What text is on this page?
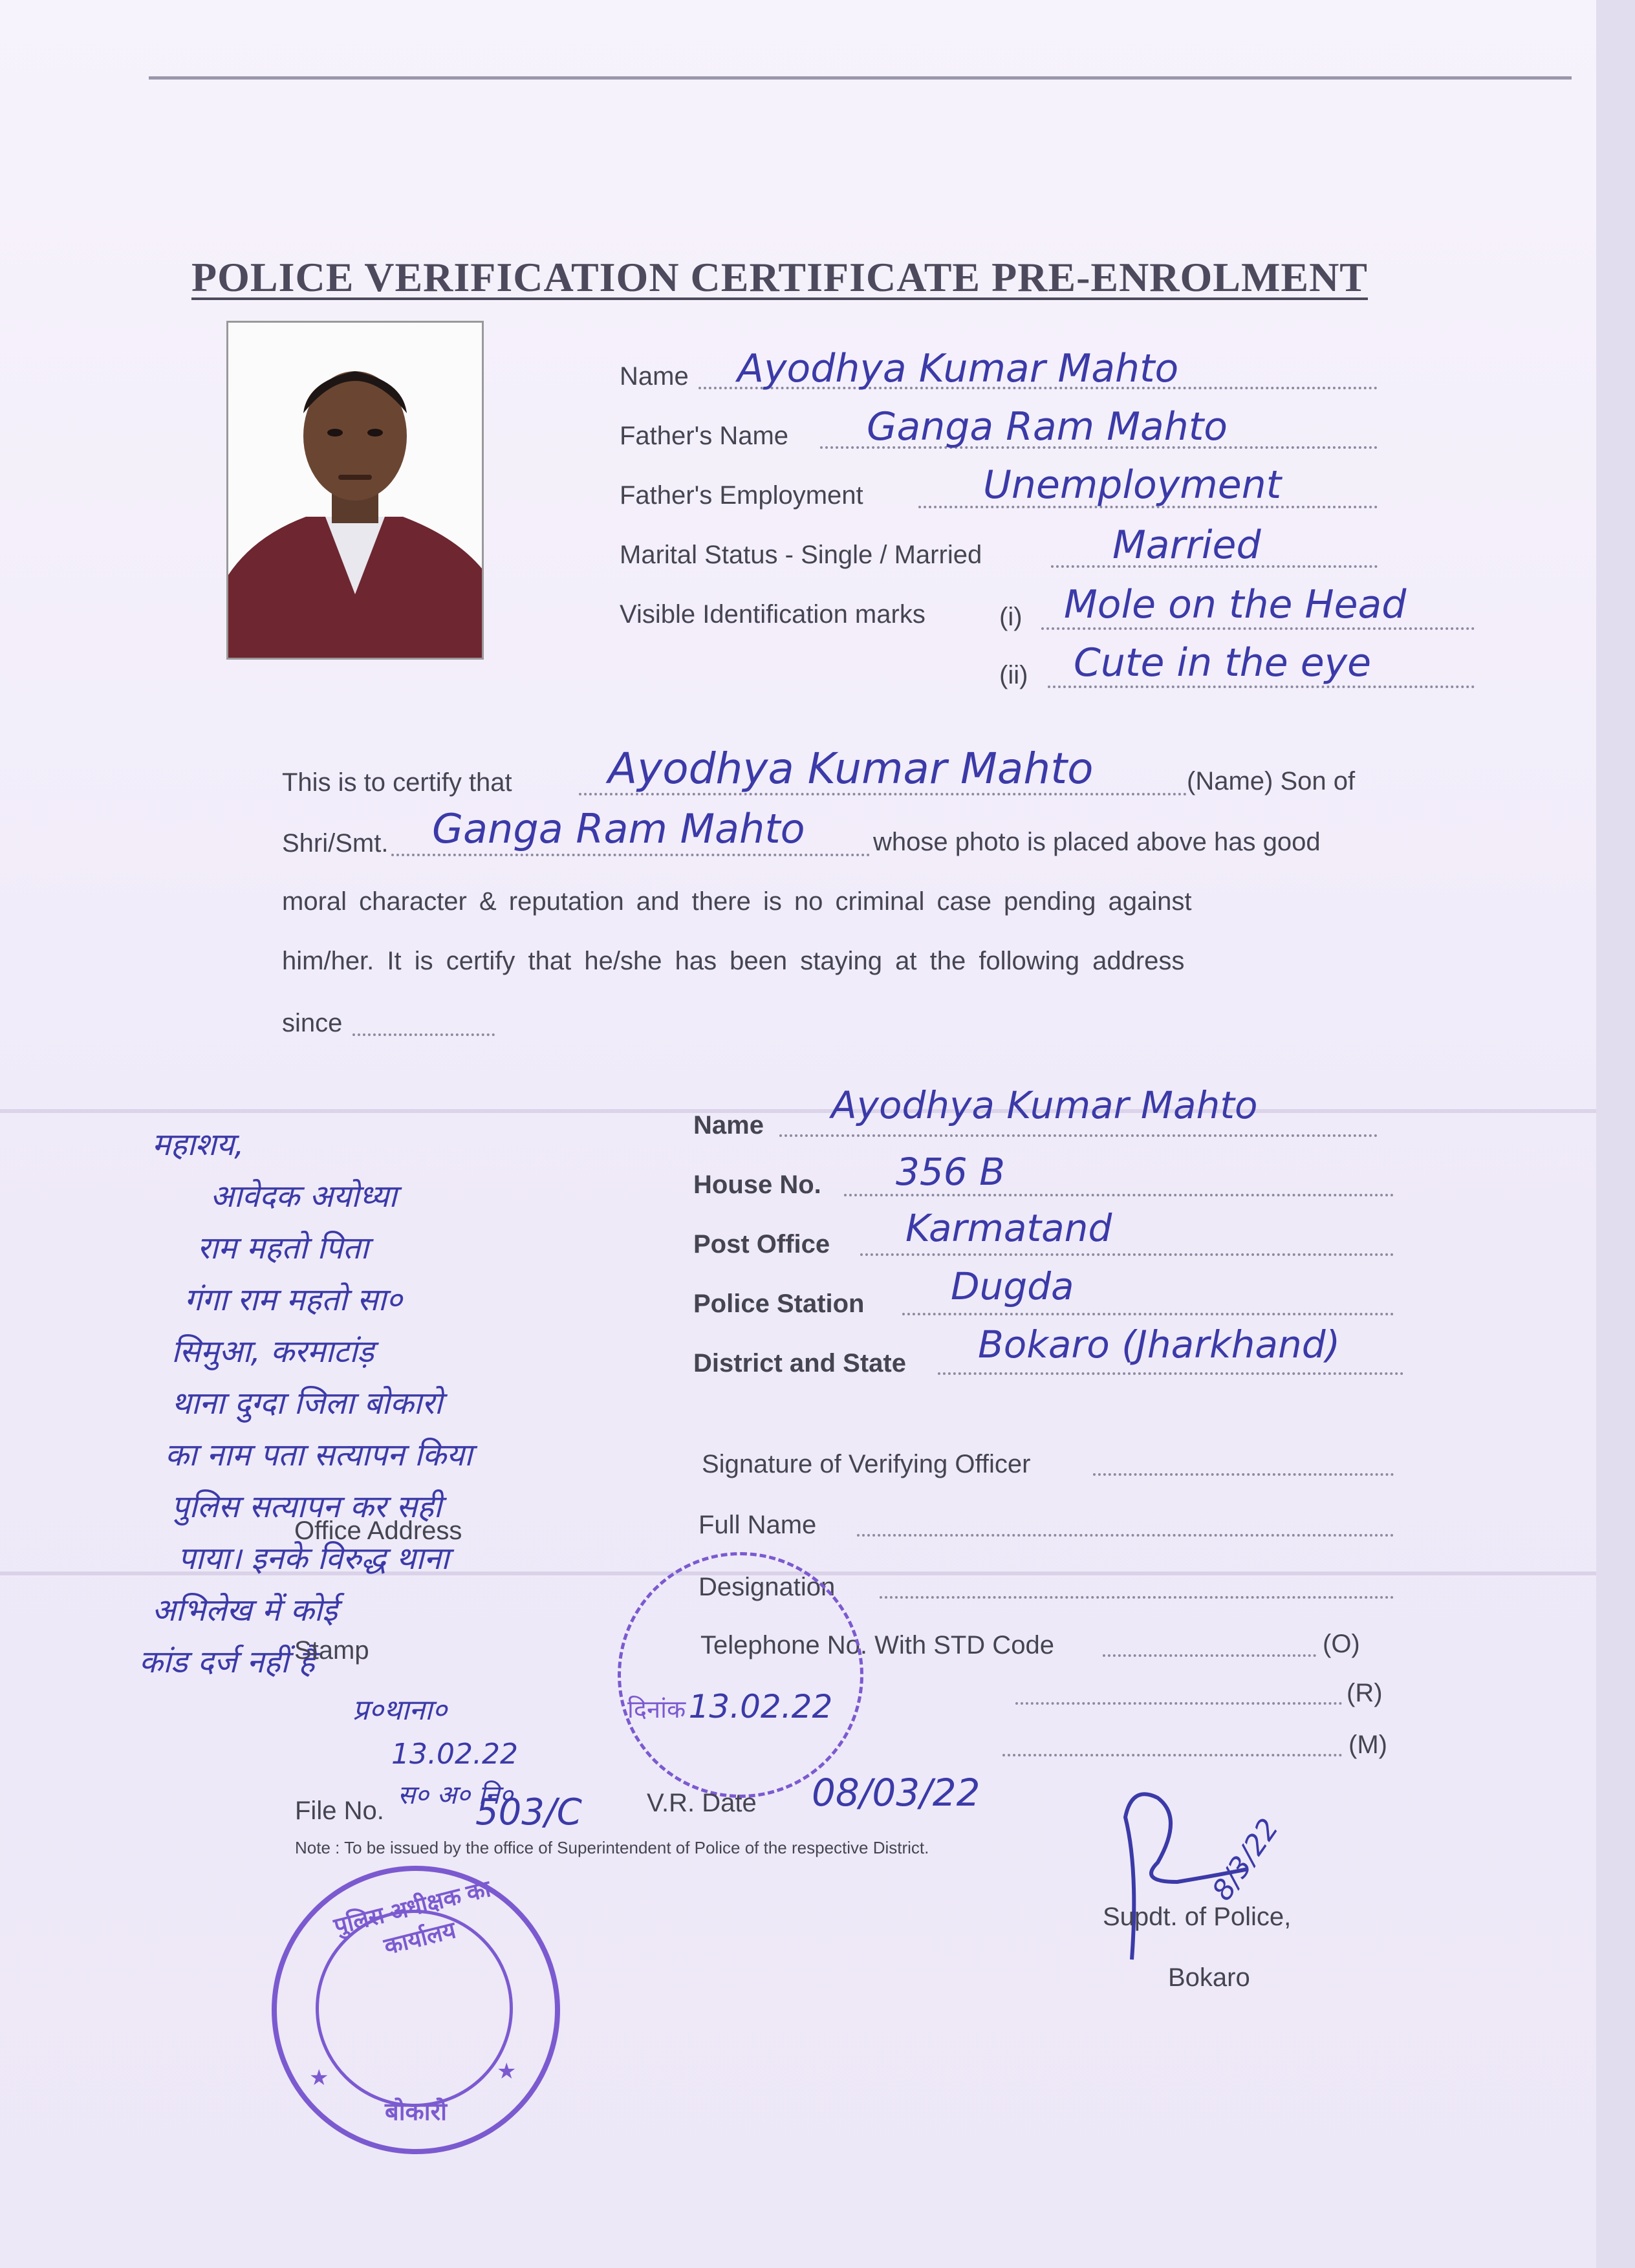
POLICE VERIFICATION CERTIFICATE PRE-ENROLMENT
Name Ayodhya Kumar Mahto
Father's Name Ganga Ram Mahto
Father's Employment	Unemployment
Marital Status - Single / Married	Married
Visible Identification marks	(i) Mole on the Head
(ii) Cute in the eye
This is to certify that Ayodhya Kumar Mahto	(Name) Son of
Shri/Smt. Ganga Ram Mahto	whose photo is placed above has good
moral character & reputation and there is no criminal case pending against
him/her. It is certify that he/she has been staying at the following address
since
महाशय,
आवेदक अयोध्या
राम महतो पिता
गंगा राम महतो सा०
सिमुआ, करमाटांड़
थाना दुग्दा जिला बोकारो
का नाम पता सत्यापन किया
पुलिस सत्यापन कर सही
पाया। इनके विरुद्ध थाना
अभिलेख में कोई
कांड दर्ज नहीं है
प्र०थाना०
13.02.22
स० अ० नि०
Name Ayodhya Kumar Mahto
House No. 356 B
Post Office Karmatand
Police Station Dugda
District and State Bokaro (Jharkhand)
Signature of Verifying Officer
Full Name
Office Address
Designation
Telephone No. With STD Code	(O)
(R)
(M)
Stamp
दिनांक 13.02.22
File No.	503/C	V.R. Date 08/03/22
Note : To be issued by the office of Superintendent of Police of the respective District.	8/3/22
Supdt. of Police,
Bokaro
पुलिस अधीक्षक का कार्यालय
बोकारो
★	★
